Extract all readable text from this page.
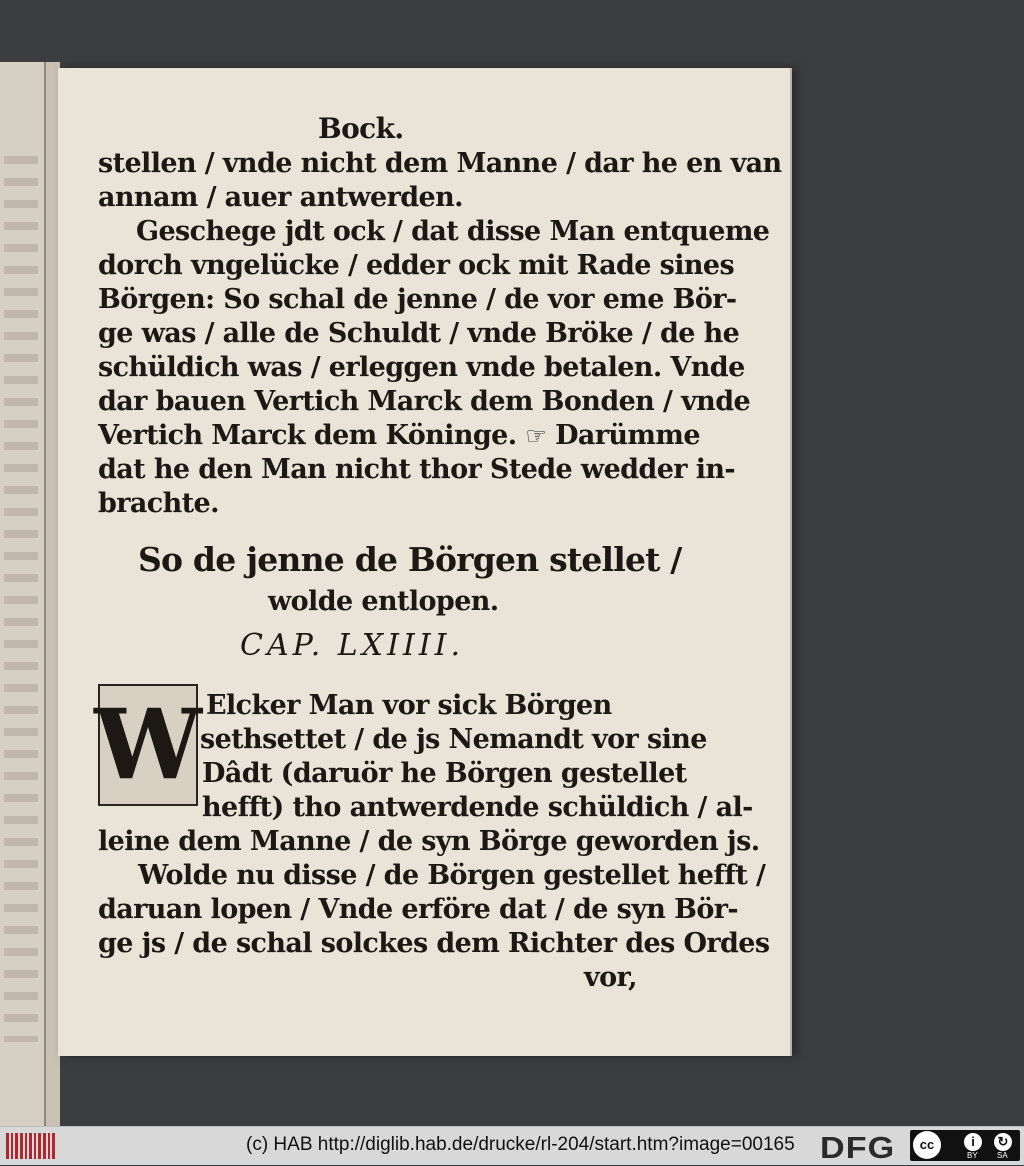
Bock.
stellen / vnde nicht dem Manne / dar he en van
annam / auer antwerden.
Geschege jdt ock / dat disse Man entqueme
dorch vngelücke / edder ock mit Rade sines
Börgen: So schal de jenne / de vor eme Bör-
ge was / alle de Schuldt / vnde Bröke / de he
schüldich was / erleggen vnde betalen. Vnde
dar bauen Vertich Marck dem Bonden / vnde
Vertich Marck dem Köninge. ☞ Darümme
dat he den Man nicht thor Stede wedder in-
brachte.
So de jenne de Börgen stellet /
wolde entlopen.
CAP. LXIIII.
W Elcker Man vor sick Börgen
sethsettet / de js Nemandt vor sine
Dâdt (daruör he Börgen gestellet
hefft) tho antwerdende schüldich / al-
leine dem Manne / de syn Börge geworden js.
Wolde nu disse / de Börgen gestellet hefft /
daruan lopen / Vnde erföre dat / de syn Bör-
ge js / de schal solckes dem Richter des Ordes
vor,
(c) HAB http://diglib.hab.de/drucke/rl-204/start.htm?image=00165 DFG	cc	i	↻
BY SA
